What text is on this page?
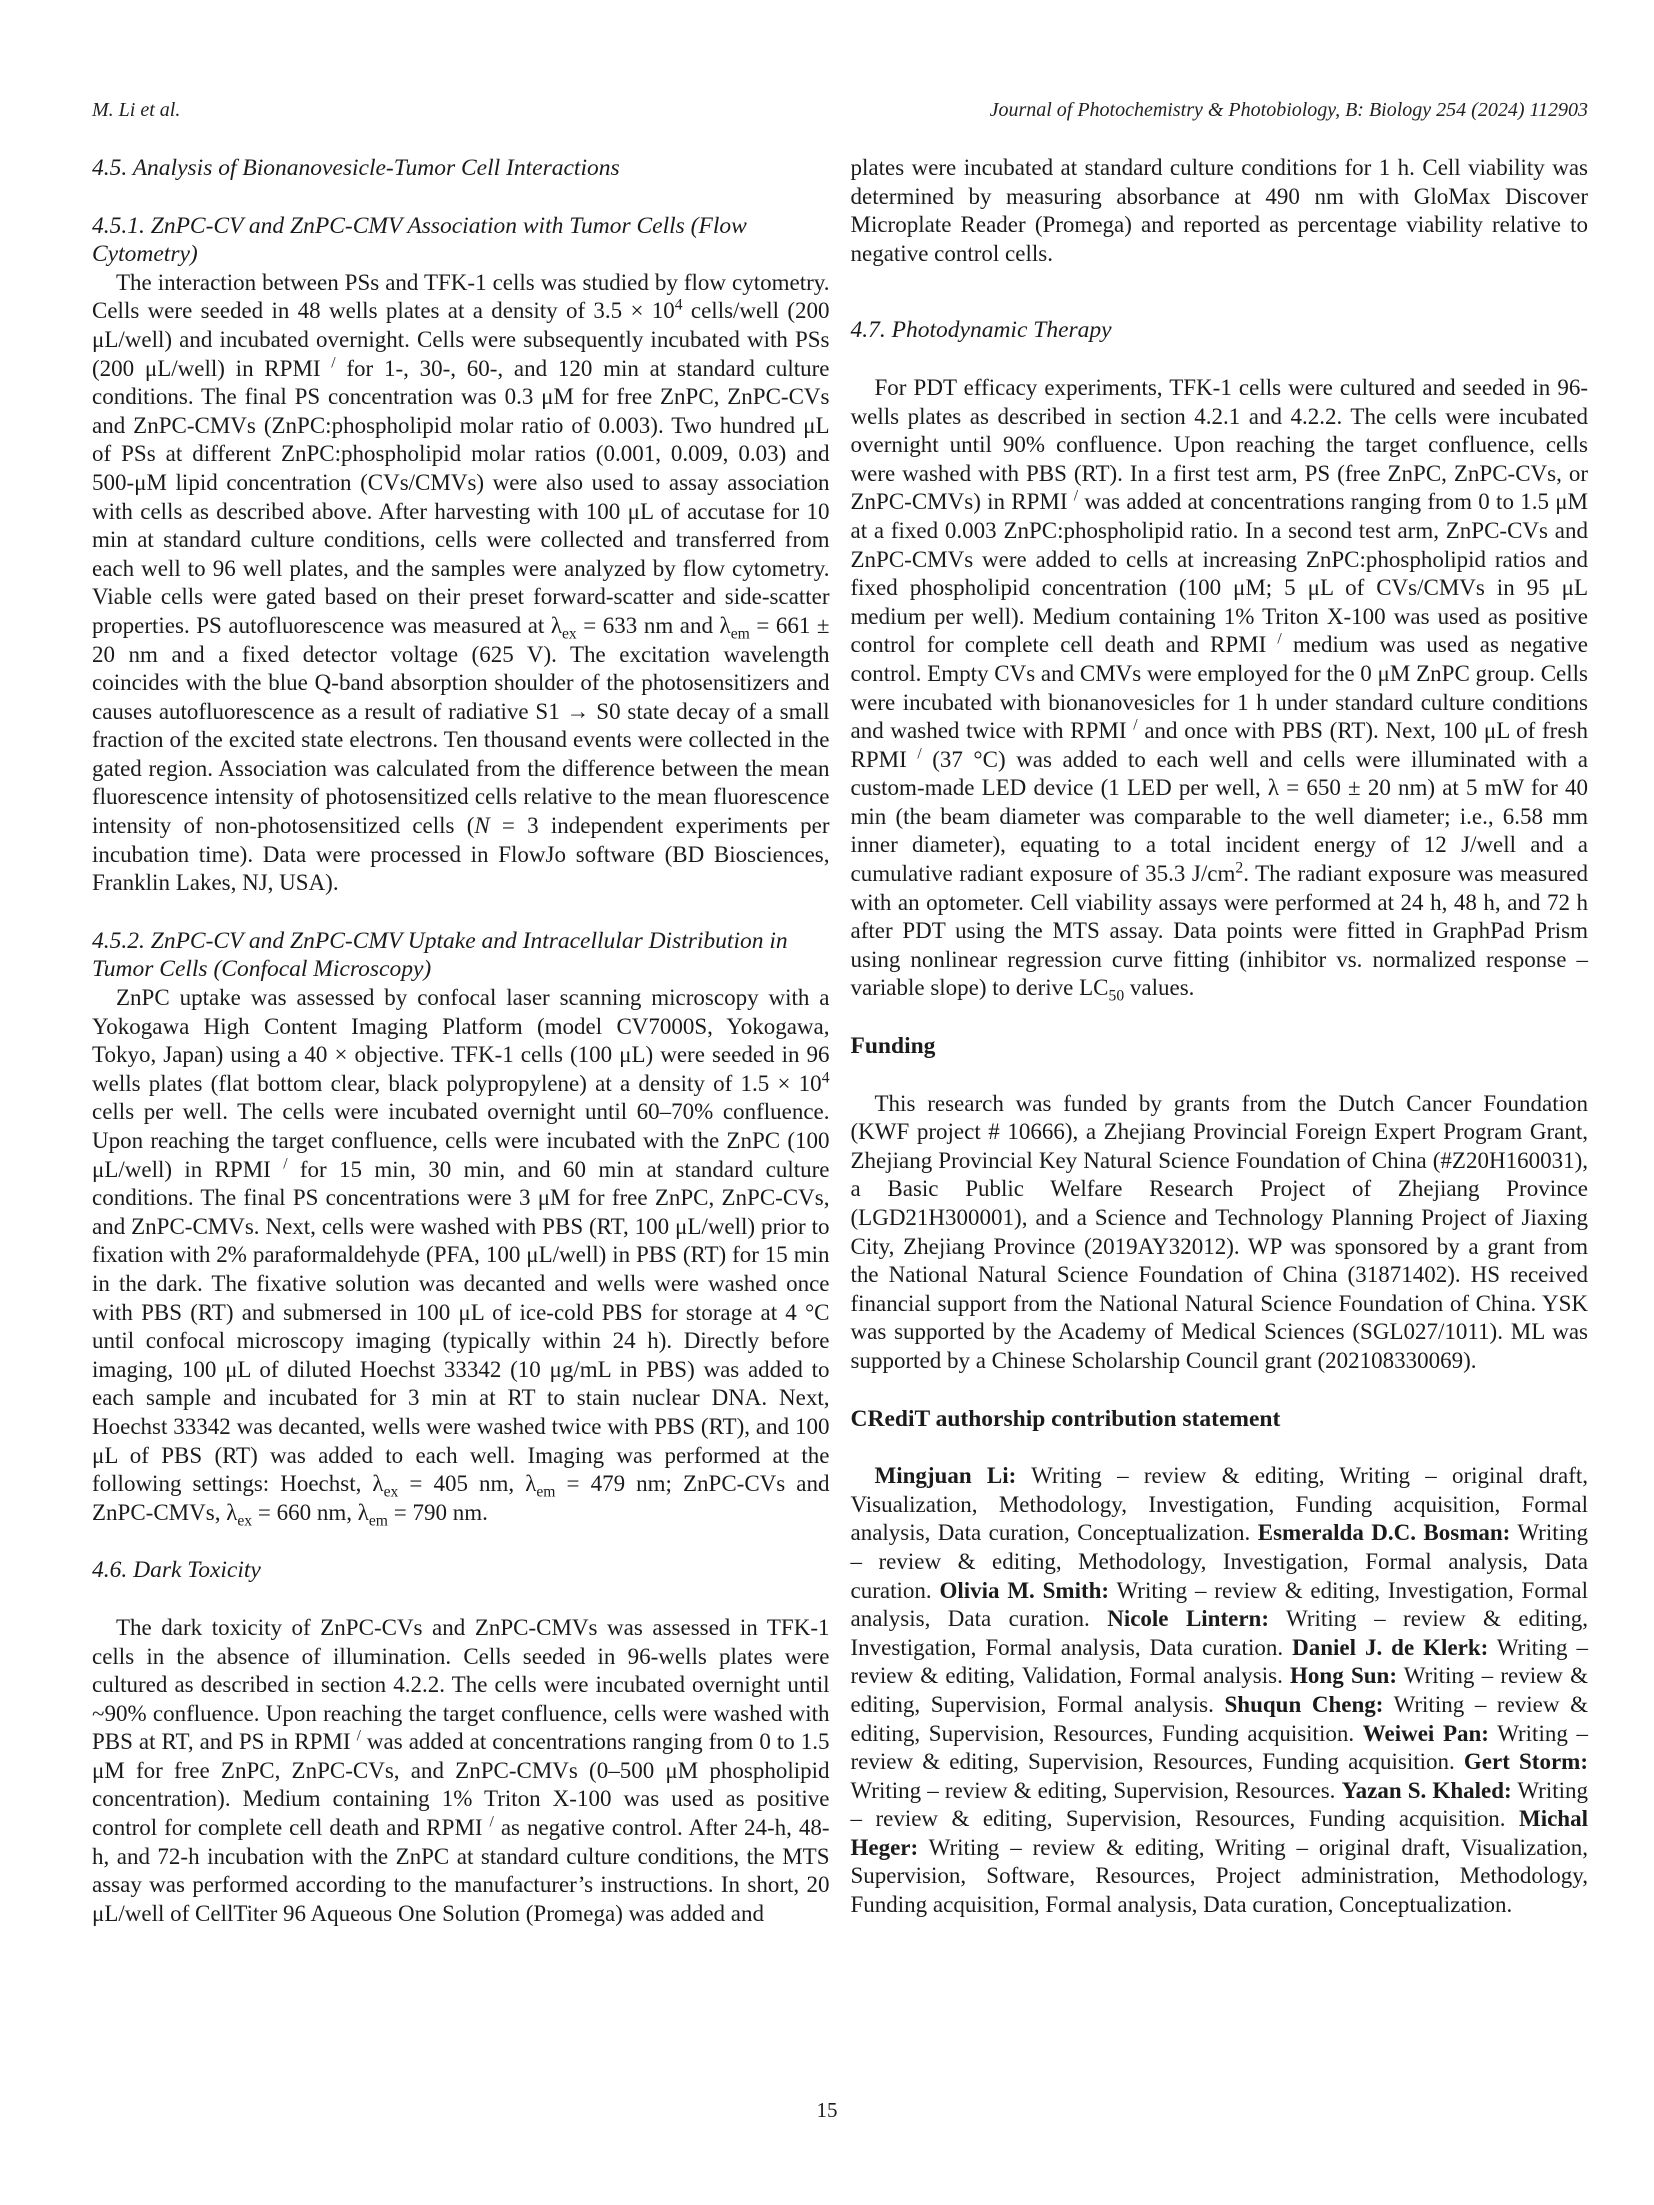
M. Li et al.	Journal of Photochemistry & Photobiology, B: Biology 254 (2024) 112903
4.5. Analysis of Bionanovesicle-Tumor Cell Interactions
4.5.1. ZnPC-CV and ZnPC-CMV Association with Tumor Cells (Flow Cytometry)

The interaction between PSs and TFK-1 cells was studied by flow cytometry. Cells were seeded in 48 wells plates at a density of $3.5 \times 10^4$ cells/well (200 μL/well) and incubated overnight. Cells were subsequently incubated with PSs (200 μL/well) in RPMI / for 1-, 30-, 60-, and 120 min at standard culture conditions. The final PS concentration was 0.3 μM for free ZnPC, ZnPC-CVs and ZnPC-CMVs (ZnPC:phospholipid molar ratio of 0.003). Two hundred μL of PSs at different ZnPC:phospholipid molar ratios (0.001, 0.009, 0.03) and 500-μM lipid concentration (CVs/CMVs) were also used to assay association with cells as described above. After harvesting with 100 μL of accutase for 10 min at standard culture conditions, cells were collected and transferred from each well to 96 well plates, and the samples were analyzed by flow cytometry. Viable cells were gated based on their preset forward-scatter and side-scatter properties. PS autofluorescence was measured at $\lambda_{ex} = 633$ nm and $\lambda_{em} = 661 \pm 20$ nm and a fixed detector voltage (625 V). The excitation wavelength coincides with the blue Q-band absorption shoulder of the photosensitizers and causes autofluorescence as a result of radiative S1 → S0 state decay of a small fraction of the excited state electrons. Ten thousand events were collected in the gated region. Association was calculated from the difference between the mean fluorescence intensity of photosensitized cells relative to the mean fluorescence intensity of non-photosensitized cells (N = 3 independent experiments per incubation time). Data were processed in FlowJo software (BD Biosciences, Franklin Lakes, NJ, USA).

4.5.2. ZnPC-CV and ZnPC-CMV Uptake and Intracellular Distribution in Tumor Cells (Confocal Microscopy)

ZnPC uptake was assessed by confocal laser scanning microscopy with a Yokogawa High Content Imaging Platform (model CV7000S, Yokogawa, Tokyo, Japan) using a 40 × objective. TFK-1 cells (100 μL) were seeded in 96 wells plates (flat bottom clear, black polypropylene) at a density of $1.5 \times 10^4$ cells per well. The cells were incubated overnight until 60–70% confluence. Upon reaching the target confluence, cells were incubated with the ZnPC (100 μL/well) in RPMI / for 15 min, 30 min, and 60 min at standard culture conditions. The final PS concentrations were 3 μM for free ZnPC, ZnPC-CVs, and ZnPC-CMVs. Next, cells were washed with PBS (RT, 100 μL/well) prior to fixation with 2% paraformaldehyde (PFA, 100 μL/well) in PBS (RT) for 15 min in the dark. The fixative solution was decanted and wells were washed once with PBS (RT) and submersed in 100 μL of ice-cold PBS for storage at 4 °C until confocal microscopy imaging (typically within 24 h). Directly before imaging, 100 μL of diluted Hoechst 33342 (10 μg/mL in PBS) was added to each sample and incubated for 3 min at RT to stain nuclear DNA. Next, Hoechst 33342 was decanted, wells were washed twice with PBS (RT), and 100 μL of PBS (RT) was added to each well. Imaging was performed at the following settings: Hoechst, $\lambda_{ex} = 405$ nm, $\lambda_{em} = 479$ nm; ZnPC-CVs and ZnPC-CMVs, $\lambda_{ex} = 660$ nm, $\lambda_{em} = 790$ nm.

4.6. Dark Toxicity

The dark toxicity of ZnPC-CVs and ZnPC-CMVs was assessed in TFK-1 cells in the absence of illumination. Cells seeded in 96-wells plates were cultured as described in section 4.2.2. The cells were incubated overnight until ~90% confluence. Upon reaching the target confluence, cells were washed with PBS at RT, and PS in RPMI / was added at concentrations ranging from 0 to 1.5 μM for free ZnPC, ZnPC-CVs, and ZnPC-CMVs (0–500 μM phospholipid concentration). Medium containing 1% Triton X-100 was used as positive control for complete cell death and RPMI / as negative control. After 24-h, 48-h, and 72-h incubation with the ZnPC at standard culture conditions, the MTS assay was performed according to the manufacturer’s instructions. In short, 20 μL/well of CellTiter 96 Aqueous One Solution (Promega) was added and

plates were incubated at standard culture conditions for 1 h. Cell viability was determined by measuring absorbance at 490 nm with GloMax Discover Microplate Reader (Promega) and reported as percentage viability relative to negative control cells.

4.7. Photodynamic Therapy

For PDT efficacy experiments, TFK-1 cells were cultured and seeded in 96-wells plates as described in section 4.2.1 and 4.2.2. The cells were incubated overnight until 90% confluence. Upon reaching the target confluence, cells were washed with PBS (RT). In a first test arm, PS (free ZnPC, ZnPC-CVs, or ZnPC-CMVs) in RPMI / was added at concentrations ranging from 0 to 1.5 μM at a fixed 0.003 ZnPC:phospholipid ratio. In a second test arm, ZnPC-CVs and ZnPC-CMVs were added to cells at increasing ZnPC:phospholipid ratios and fixed phospholipid concentration (100 μM; 5 μL of CVs/CMVs in 95 μL medium per well). Medium containing 1% Triton X-100 was used as positive control for complete cell death and RPMI / medium was used as negative control. Empty CVs and CMVs were employed for the 0 μM ZnPC group. Cells were incubated with bionanovesicles for 1 h under standard culture conditions and washed twice with RPMI / and once with PBS (RT). Next, 100 μL of fresh RPMI / (37 °C) was added to each well and cells were illuminated with a custom-made LED device (1 LED per well, λ = 650 ± 20 nm) at 5 mW for 40 min (the beam diameter was comparable to the well diameter; i.e., 6.58 mm inner diameter), equating to a total incident energy of 12 J/well and a cumulative radiant exposure of 35.3 $J/cm^2$. The radiant exposure was measured with an optometer. Cell viability assays were performed at 24 h, 48 h, and 72 h after PDT using the MTS assay. Data points were fitted in GraphPad Prism using nonlinear regression curve fitting (inhibitor vs. normalized response – variable slope) to derive $LC_{50}$ values.

Funding

This research was funded by grants from the Dutch Cancer Foundation (KWF project # 10666), a Zhejiang Provincial Foreign Expert Program Grant, Zhejiang Provincial Key Natural Science Foundation of China (#Z20H160031), a Basic Public Welfare Research Project of Zhejiang Province (LGD21H300001), and a Science and Technology Planning Project of Jiaxing City, Zhejiang Province (2019AY32012). WP was sponsored by a grant from the National Natural Science Foundation of China (31871402). HS received financial support from the National Natural Science Foundation of China. YSK was supported by the Academy of Medical Sciences (SGL027/1011). ML was supported by a Chinese Scholarship Council grant (202108330069).

CRediT authorship contribution statement

Mingjuan Li: Writing – review & editing, Writing – original draft, Visualization, Methodology, Investigation, Funding acquisition, Formal analysis, Data curation, Conceptualization. Esmeralda D.C. Bosman: Writing – review & editing, Methodology, Investigation, Formal analysis, Data curation. Olivia M. Smith: Writing – review & editing, Investigation, Formal analysis, Data curation. Nicole Lintern: Writing – review & editing, Investigation, Formal analysis, Data curation. Daniel J. de Klerk: Writing – review & editing, Validation, Formal analysis. Hong Sun: Writing – review & editing, Supervision, Formal analysis. Shuqun Cheng: Writing – review & editing, Supervision, Resources, Funding acquisition. Weiwei Pan: Writing – review & editing, Supervision, Resources, Funding acquisition. Gert Storm: Writing – review & editing, Supervision, Resources. Yazan S. Khaled: Writing – review & editing, Supervision, Resources, Funding acquisition. Michal Heger: Writing – review & editing, Writing – original draft, Visualization, Supervision, Software, Resources, Project administration, Methodology, Funding acquisition, Formal analysis, Data curation, Conceptualization.

15
